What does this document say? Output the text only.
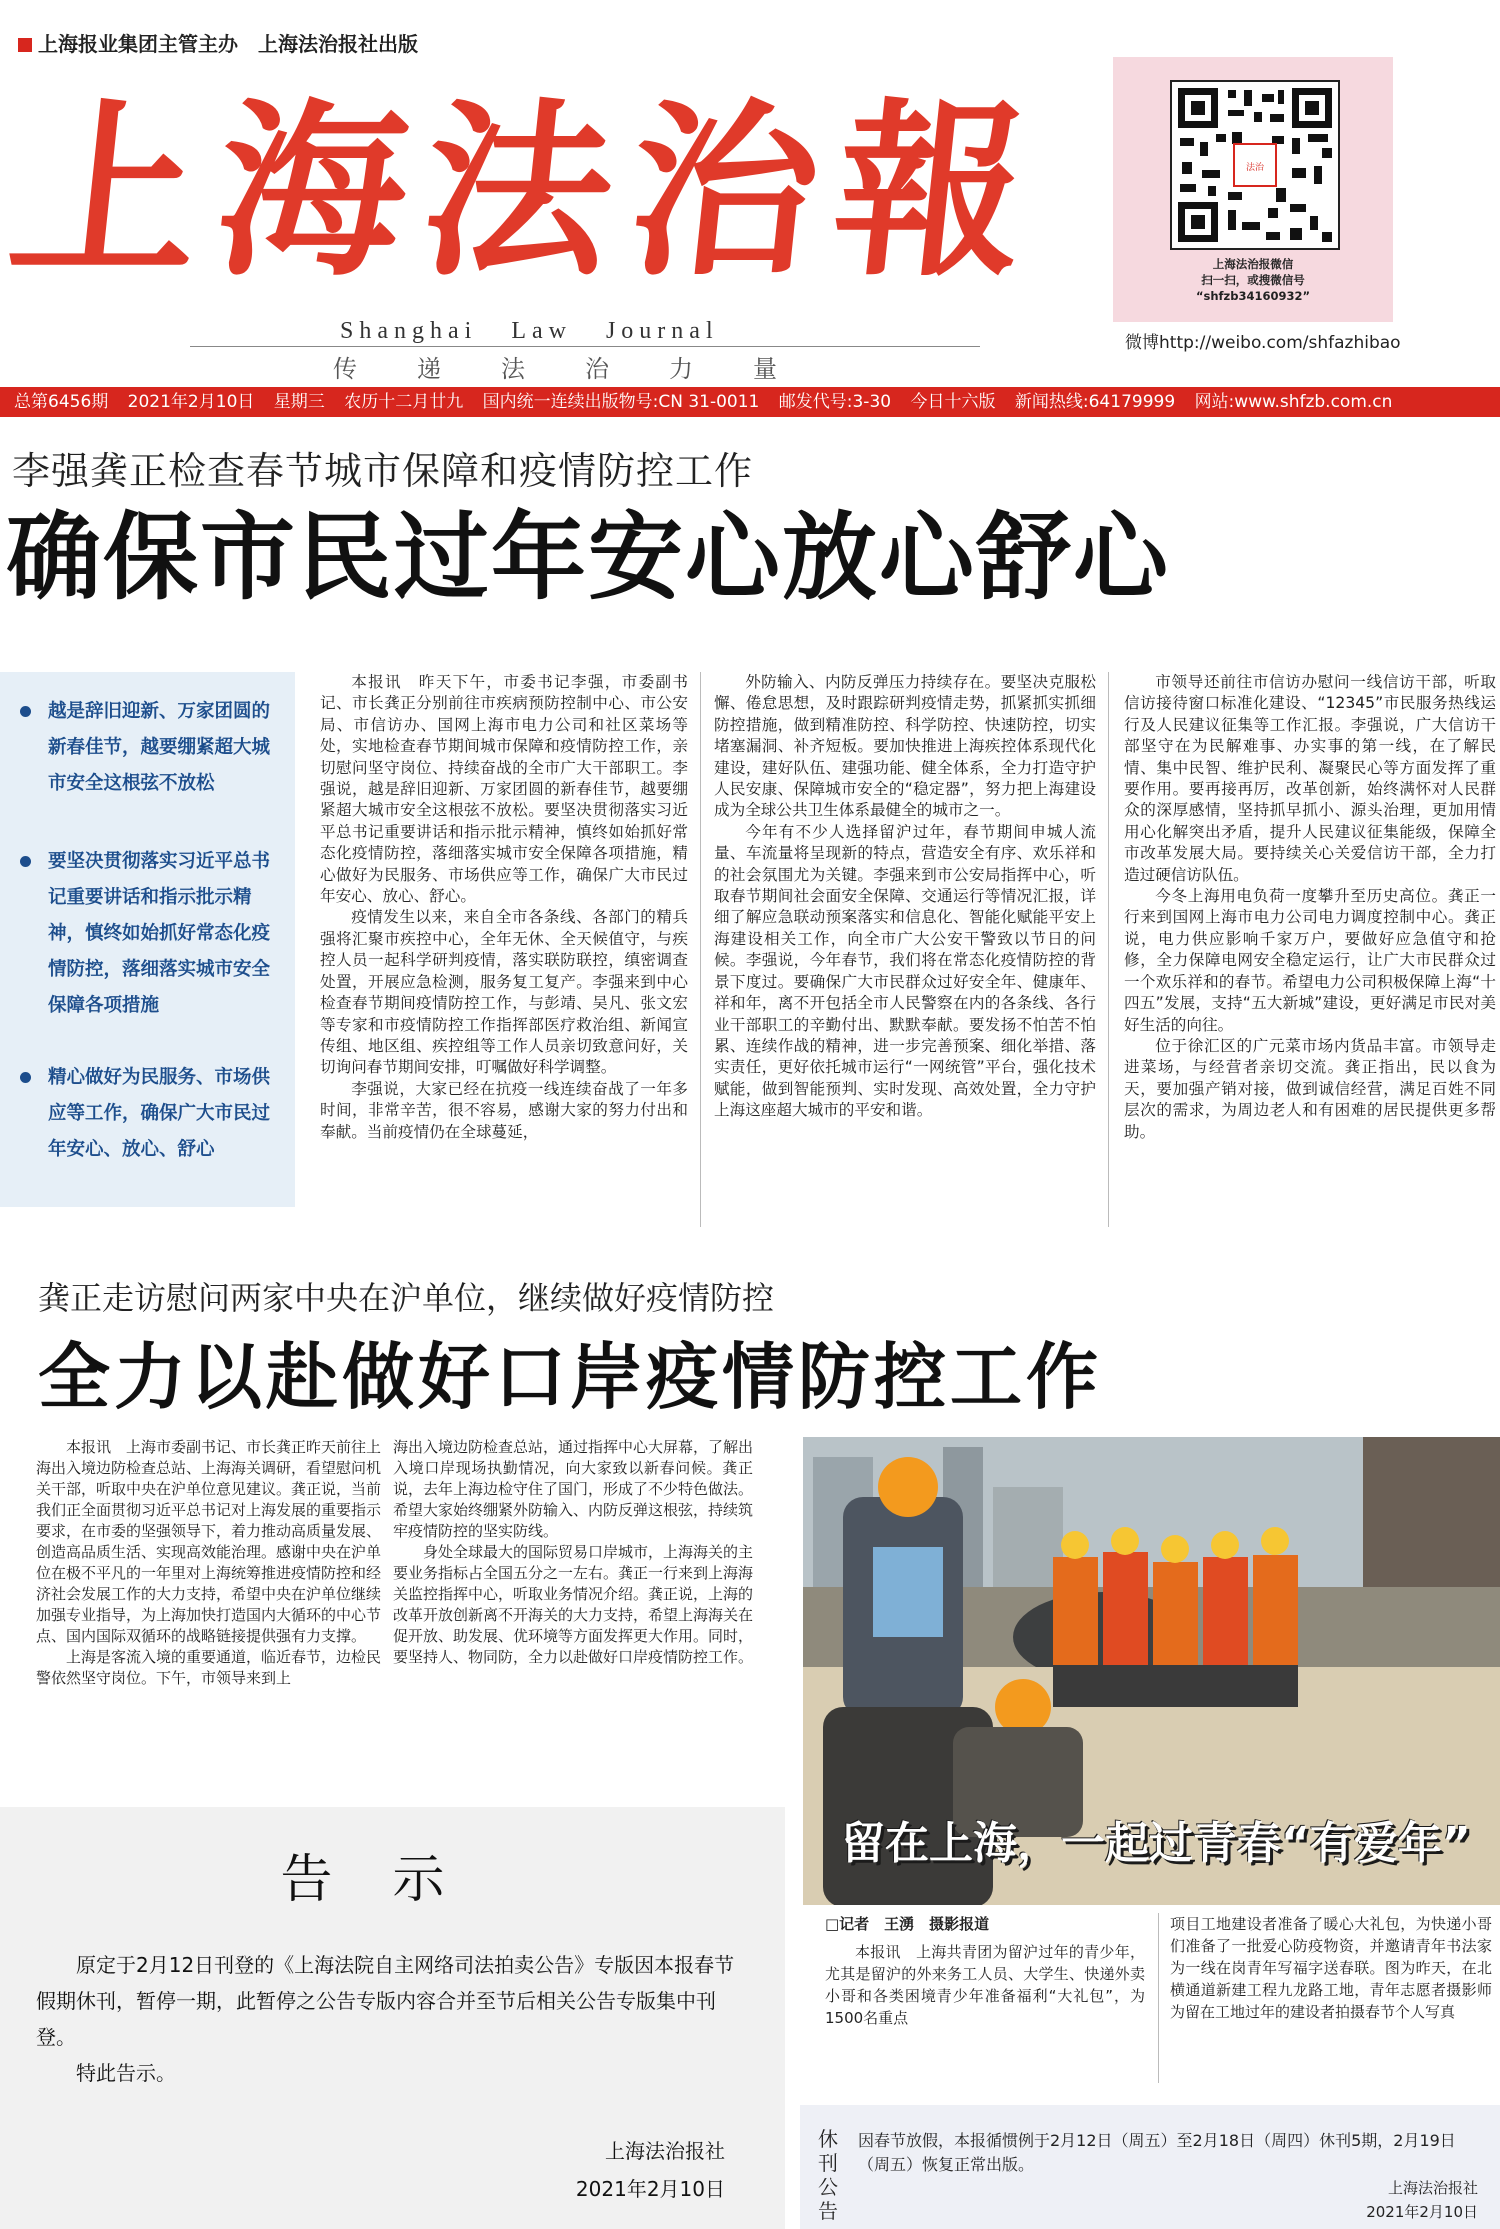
上海报业集团主管主办　上海法治报社出版
上海法治報
Shanghai Law Journal
传递法治力量
法治
上海法治报微信
扫一扫，或搜微信号
“shfzb34160932”
微博http://weibo.com/shfazhibao
总第6456期 2021年2月10日 星期三 农历十二月廿九 国内统一连续出版物号:CN 31-0011 邮发代号:3-30 今日十六版 新闻热线:64179999 网站:www.shfzb.com.cn
李强龚正检查春节城市保障和疫情防控工作
确保市民过年安心放心舒心
越是辞旧迎新、万家团圆的新春佳节，越要绷紧超大城市安全这根弦不放松
要坚决贯彻落实习近平总书记重要讲话和指示批示精神，慎终如始抓好常态化疫情防控，落细落实城市安全保障各项措施
精心做好为民服务、市场供应等工作，确保广大市民过年安心、放心、舒心

本报讯　昨天下午，市委书记李强，市委副书记、市长龚正分别前往市疾病预防控制中心、市公安局、市信访办、国网上海市电力公司和社区菜场等处，实地检查春节期间城市保障和疫情防控工作，亲切慰问坚守岗位、持续奋战的全市广大干部职工。李强说，越是辞旧迎新、万家团圆的新春佳节，越要绷紧超大城市安全这根弦不放松。要坚决贯彻落实习近平总书记重要讲话和指示批示精神，慎终如始抓好常态化疫情防控，落细落实城市安全保障各项措施，精心做好为民服务、市场供应等工作，确保广大市民过年安心、放心、舒心。

疫情发生以来，来自全市各条线、各部门的精兵强将汇聚市疾控中心，全年无休、全天候值守，与疾控人员一起科学研判疫情，落实联防联控，缜密调查处置，开展应急检测，服务复工复产。李强来到中心检查春节期间疫情防控工作，与彭靖、吴凡、张文宏等专家和市疫情防控工作指挥部医疗救治组、新闻宣传组、地区组、疾控组等工作人员亲切致意问好，关切询问春节期间安排，叮嘱做好科学调整。

李强说，大家已经在抗疫一线连续奋战了一年多时间，非常辛苦，很不容易，感谢大家的努力付出和奉献。当前疫情仍在全球蔓延，

外防输入、内防反弹压力持续存在。要坚决克服松懈、倦怠思想，及时跟踪研判疫情走势，抓紧抓实抓细防控措施，做到精准防控、科学防控、快速防控，切实堵塞漏洞、补齐短板。要加快推进上海疾控体系现代化建设，建好队伍、建强功能、健全体系，全力打造守护人民安康、保障城市安全的“稳定器”，努力把上海建设成为全球公共卫生体系最健全的城市之一。

今年有不少人选择留沪过年，春节期间申城人流量、车流量将呈现新的特点，营造安全有序、欢乐祥和的社会氛围尤为关键。李强来到市公安局指挥中心，听取春节期间社会面安全保障、交通运行等情况汇报，详细了解应急联动预案落实和信息化、智能化赋能平安上海建设相关工作，向全市广大公安干警致以节日的问候。李强说，今年春节，我们将在常态化疫情防控的背景下度过。要确保广大市民群众过好安全年、健康年、祥和年，离不开包括全市人民警察在内的各条线、各行业干部职工的辛勤付出、默默奉献。要发扬不怕苦不怕累、连续作战的精神，进一步完善预案、细化举措、落实责任，更好依托城市运行“一网统管”平台，强化技术赋能，做到智能预判、实时发现、高效处置，全力守护上海这座超大城市的平安和谐。

市领导还前往市信访办慰问一线信访干部，听取信访接待窗口标准化建设、“12345”市民服务热线运行及人民建议征集等工作汇报。李强说，广大信访干部坚守在为民解难事、办实事的第一线，在了解民情、集中民智、维护民利、凝聚民心等方面发挥了重要作用。要再接再厉，改革创新，始终满怀对人民群众的深厚感情，坚持抓早抓小、源头治理，更加用情用心化解突出矛盾，提升人民建议征集能级，保障全市改革发展大局。要持续关心关爱信访干部，全力打造过硬信访队伍。

今冬上海用电负荷一度攀升至历史高位。龚正一行来到国网上海市电力公司电力调度控制中心。龚正说，电力供应影响千家万户，要做好应急值守和抢修，全力保障电网安全稳定运行，让广大市民群众过一个欢乐祥和的春节。希望电力公司积极保障上海“十四五”发展，支持“五大新城”建设，更好满足市民对美好生活的向往。

位于徐汇区的广元菜市场内货品丰富。市领导走进菜场，与经营者亲切交流。龚正指出，民以食为天，要加强产销对接，做到诚信经营，满足百姓不同层次的需求，为周边老人和有困难的居民提供更多帮助。

龚正走访慰问两家中央在沪单位，继续做好疫情防控
全力以赴做好口岸疫情防控工作

本报讯　上海市委副书记、市长龚正昨天前往上海出入境边防检查总站、上海海关调研，看望慰问机关干部，听取中央在沪单位意见建议。龚正说，当前我们正全面贯彻习近平总书记对上海发展的重要指示要求，在市委的坚强领导下，着力推动高质量发展、创造高品质生活、实现高效能治理。感谢中央在沪单位在极不平凡的一年里对上海统筹推进疫情防控和经济社会发展工作的大力支持，希望中央在沪单位继续加强专业指导，为上海加快打造国内大循环的中心节点、国内国际双循环的战略链接提供强有力支撑。

上海是客流入境的重要通道，临近春节，边检民警依然坚守岗位。下午，市领导来到上

海出入境边防检查总站，通过指挥中心大屏幕，了解出入境口岸现场执勤情况，向大家致以新春问候。龚正说，去年上海边检守住了国门，形成了不少特色做法。希望大家始终绷紧外防输入、内防反弹这根弦，持续筑牢疫情防控的坚实防线。

身处全球最大的国际贸易口岸城市，上海海关的主要业务指标占全国五分之一左右。龚正一行来到上海海关监控指挥中心，听取业务情况介绍。龚正说，上海的改革开放创新离不开海关的大力支持，希望上海海关在促开放、助发展、优环境等方面发挥更大作用。同时，要坚持人、物同防，全力以赴做好口岸疫情防控工作。

留在上海，一起过青春“有爱年”
□记者　王湧　摄影报道

本报讯　上海共青团为留沪过年的青少年，尤其是留沪的外来务工人员、大学生、快递外卖小哥和各类困境青少年准备福利“大礼包”，为1500名重点

项目工地建设者准备了暖心大礼包，为快递小哥们准备了一批爱心防疫物资，并邀请青年书法家为一线在岗青年写福字送春联。图为昨天，在北横通道新建工程九龙路工地，青年志愿者摄影师为留在工地过年的建设者拍摄春节个人写真

告示

原定于2月12日刊登的《上海法院自主网络司法拍卖公告》专版因本报春节假期休刊，暂停一期，此暂停之公告专版内容合并至节后相关公告专版集中刊登。

特此告示。

上海法治报社
2021年2月10日
休刊公告
因春节放假，本报循惯例于2月12日（周五）至2月18日（周四）休刊5期，2月19日（周五）恢复正常出版。
上海法治报社
2021年2月10日
